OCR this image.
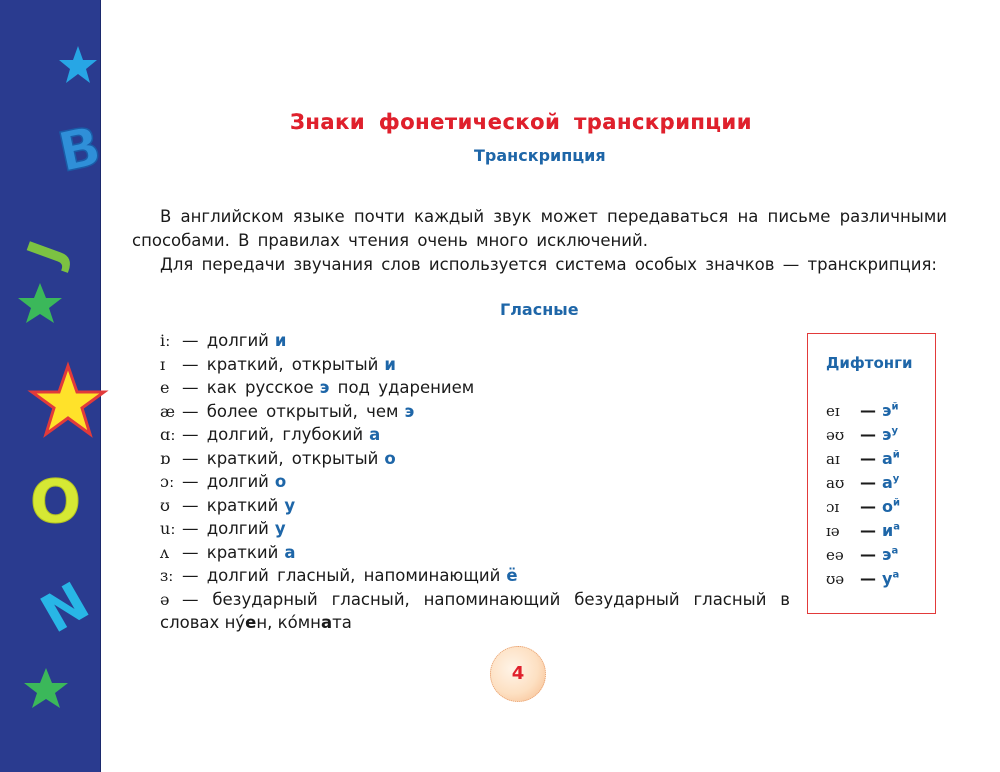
B
J
O
N
Знаки фонетической транскрипции
Транскрипция
В английском языке почти каждый звук может передаваться на письме различными способами. В правилах чтения очень много исключений.
Для передачи звучания слов используется система особых значков — транскрипция:
Гласные
iː — долгий и
ɪ — краткий, открытый и
e — как русское э под ударением
æ — более открытый, чем э
ɑː — долгий, глубокий а
ɒ — краткий, открытый о
ɔː — долгий о
ʊ — краткий у
uː — долгий у
ʌ — краткий а
ɜː — долгий гласный, напоминающий ё
ə — безударный гласный, напоминающий безударный гласный в словах ну́ен, ко́мната
Дифтонги
eɪ — $э^й$
əʊ — $э^у$
aɪ — $а^й$
aʊ — $а^у$
ɔɪ — $о^й$
ɪə — $и^а$
eə — $э^а$
ʊə — $у^а$
4
